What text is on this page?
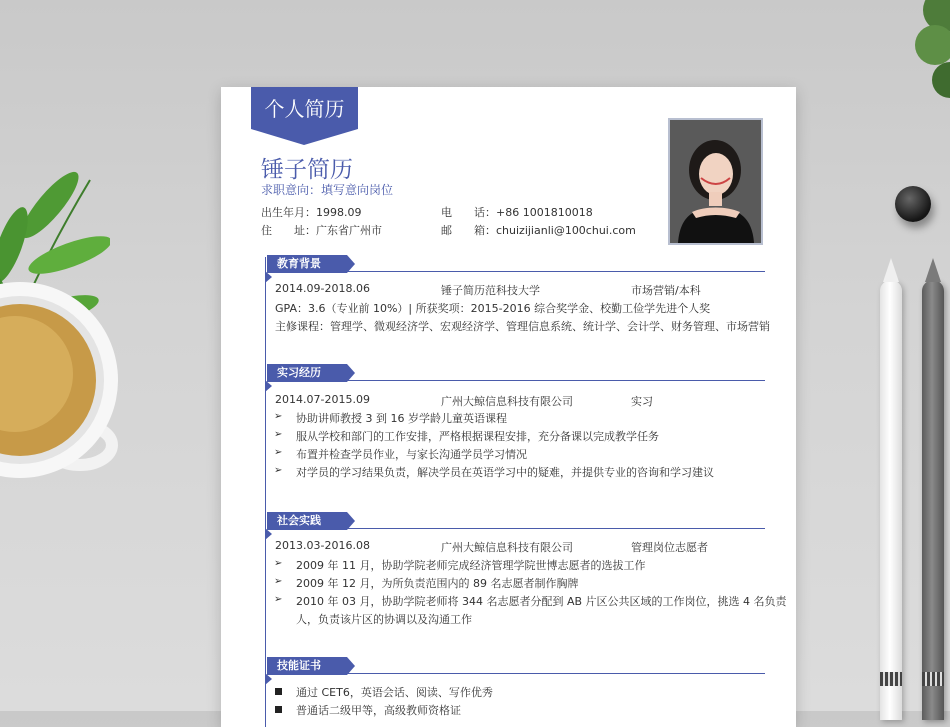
个人简历
锤子简历
求职意向：填写意向岗位
出生年月：1998.09
住　　址：广东省广州市
电　　话：+86 1001810018
邮　　箱：chuizijianli@100chui.com
教育背景
2014.09-2018.06	锤子简历范科技大学	市场营销/本科
GPA：3.6（专业前 10%）| 所获奖项：2015-2016 综合奖学金、校勤工俭学先进个人奖
主修课程：管理学、微观经济学、宏观经济学、管理信息系统、统计学、会计学、财务管理、市场营销
实习经历
2014.07-2015.09	广州大鲸信息科技有限公司	实习
➢ 协助讲师教授 3 到 16 岁学龄儿童英语课程
➢ 服从学校和部门的工作安排，严格根据课程安排，充分备课以完成教学任务
➢ 布置并检查学员作业，与家长沟通学员学习情况
➢ 对学员的学习结果负责，解决学员在英语学习中的疑难，并提供专业的咨询和学习建议
社会实践
2013.03-2016.08	广州大鲸信息科技有限公司	管理岗位志愿者
➢ 2009 年 11 月，协助学院老师完成经济管理学院世博志愿者的选拔工作
➢ 2009 年 12 月，为所负责范围内的 89 名志愿者制作胸牌
➢ 2010 年 03 月，协助学院老师将 344 名志愿者分配到 AB 片区公共区域的工作岗位，挑选 4 名负责
人，负责该片区的协调以及沟通工作
技能证书
通过 CET6，英语会话、阅读、写作优秀
普通话二级甲等，高级教师资格证
